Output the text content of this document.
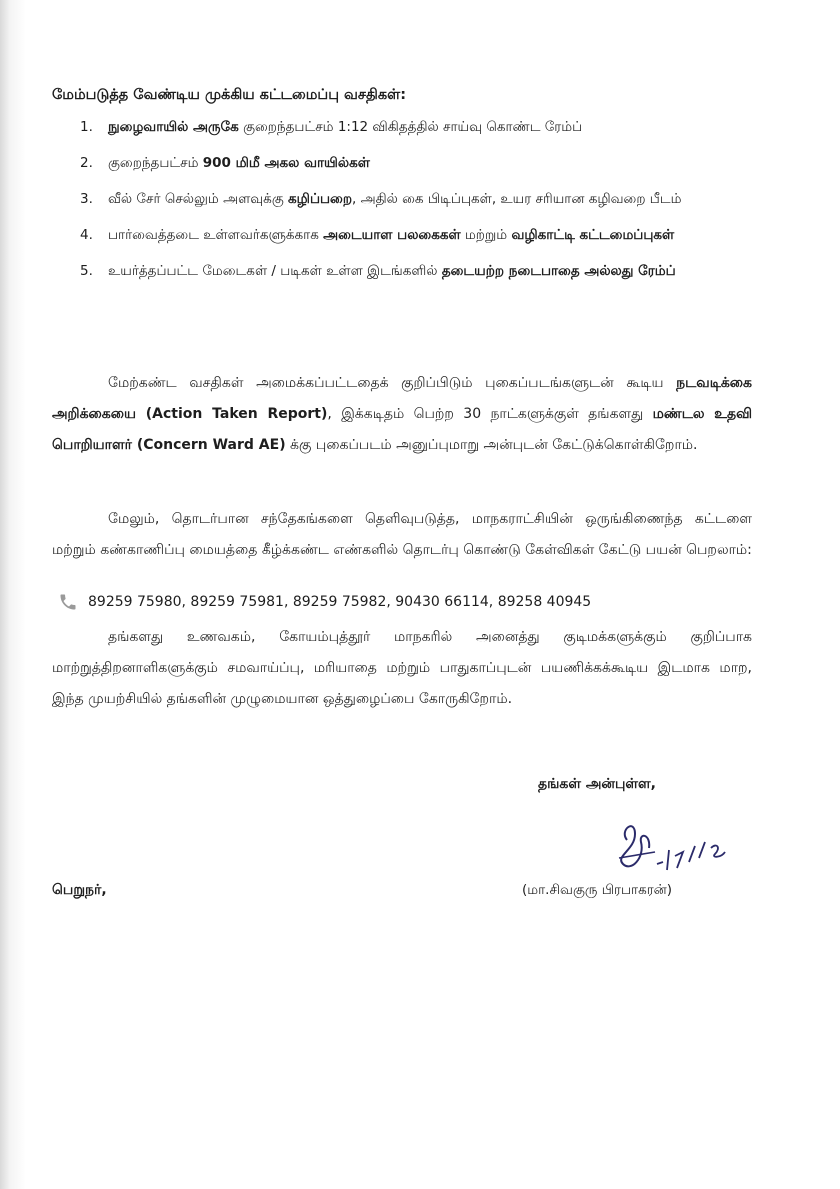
மேம்படுத்த வேண்டிய முக்கிய கட்டமைப்பு வசதிகள்:
1.	நுழைவாயில் அருகே குறைந்தபட்சம் 1:12 விகிதத்தில் சாய்வு கொண்ட ரேம்ப்
2.	குறைந்தபட்சம் 900 மிமீ அகல வாயில்கள்
3.	வீல் சேர் செல்லும் அளவுக்கு கழிப்பறை, அதில் கை பிடிப்புகள், உயர சரியான கழிவறை பீடம்
4.	பார்வைத்தடை உள்ளவர்களுக்காக அடையாள பலகைகள் மற்றும் வழிகாட்டி கட்டமைப்புகள்
5.	உயர்த்தப்பட்ட மேடைகள் / படிகள் உள்ள இடங்களில் தடையற்ற நடைபாதை அல்லது ரேம்ப்
மேற்கண்ட வசதிகள் அமைக்கப்பட்டதைக் குறிப்பிடும் புகைப்படங்களுடன் கூடிய நடவடிக்கை அறிக்கையை (Action Taken Report), இக்கடிதம் பெற்ற 30 நாட்களுக்குள் தங்களது மண்டல உதவி பொறியாளர் (Concern Ward AE) க்கு புகைப்படம் அனுப்புமாறு அன்புடன் கேட்டுக்கொள்கிறோம்.
மேலும், தொடர்பான சந்தேகங்களை தெளிவுபடுத்த, மாநகராட்சியின் ஒருங்கிணைந்த கட்டளை மற்றும் கண்காணிப்பு மையத்தை கீழ்க்கண்ட எண்களில் தொடர்பு கொண்டு கேள்விகள் கேட்டு பயன் பெறலாம்:
89259 75980, 89259 75981, 89259 75982, 90430 66114, 89258 40945
தங்களது உணவகம், கோயம்புத்தூர் மாநகரில் அனைத்து குடிமக்களுக்கும் குறிப்பாக மாற்றுத்திறனாளிகளுக்கும் சமவாய்ப்பு, மரியாதை மற்றும் பாதுகாப்புடன் பயணிக்கக்கூடிய இடமாக மாற, இந்த முயற்சியில் தங்களின் முழுமையான ஒத்துழைப்பை கோருகிறோம்.
தங்கள் அன்புள்ள,
17/4/25
பெறுநர்,	(மா.சிவகுரு பிரபாகரன்)
